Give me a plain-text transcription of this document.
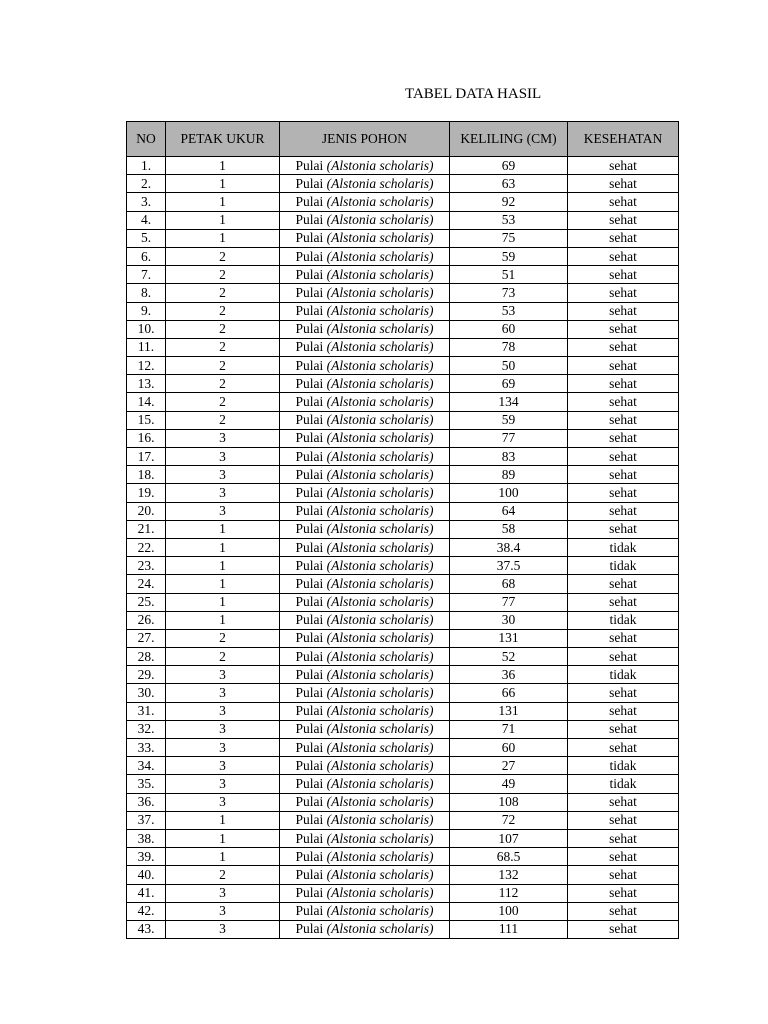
TABEL DATA HASIL
NO	PETAK UKUR	JENIS POHON	KELILING (CM)	KESEHATAN
1.	1	Pulai (Alstonia scholaris)	69	sehat
2.	1	Pulai (Alstonia scholaris)	63	sehat
3.	1	Pulai (Alstonia scholaris)	92	sehat
4.	1	Pulai (Alstonia scholaris)	53	sehat
5.	1	Pulai (Alstonia scholaris)	75	sehat
6.	2	Pulai (Alstonia scholaris)	59	sehat
7.	2	Pulai (Alstonia scholaris)	51	sehat
8.	2	Pulai (Alstonia scholaris)	73	sehat
9.	2	Pulai (Alstonia scholaris)	53	sehat
10.	2	Pulai (Alstonia scholaris)	60	sehat
11.	2	Pulai (Alstonia scholaris)	78	sehat
12.	2	Pulai (Alstonia scholaris)	50	sehat
13.	2	Pulai (Alstonia scholaris)	69	sehat
14.	2	Pulai (Alstonia scholaris)	134	sehat
15.	2	Pulai (Alstonia scholaris)	59	sehat
16.	3	Pulai (Alstonia scholaris)	77	sehat
17.	3	Pulai (Alstonia scholaris)	83	sehat
18.	3	Pulai (Alstonia scholaris)	89	sehat
19.	3	Pulai (Alstonia scholaris)	100	sehat
20.	3	Pulai (Alstonia scholaris)	64	sehat
21.	1	Pulai (Alstonia scholaris)	58	sehat
22.	1	Pulai (Alstonia scholaris)	38.4	tidak
23.	1	Pulai (Alstonia scholaris)	37.5	tidak
24.	1	Pulai (Alstonia scholaris)	68	sehat
25.	1	Pulai (Alstonia scholaris)	77	sehat
26.	1	Pulai (Alstonia scholaris)	30	tidak
27.	2	Pulai (Alstonia scholaris)	131	sehat
28.	2	Pulai (Alstonia scholaris)	52	sehat
29.	3	Pulai (Alstonia scholaris)	36	tidak
30.	3	Pulai (Alstonia scholaris)	66	sehat
31.	3	Pulai (Alstonia scholaris)	131	sehat
32.	3	Pulai (Alstonia scholaris)	71	sehat
33.	3	Pulai (Alstonia scholaris)	60	sehat
34.	3	Pulai (Alstonia scholaris)	27	tidak
35.	3	Pulai (Alstonia scholaris)	49	tidak
36.	3	Pulai (Alstonia scholaris)	108	sehat
37.	1	Pulai (Alstonia scholaris)	72	sehat
38.	1	Pulai (Alstonia scholaris)	107	sehat
39.	1	Pulai (Alstonia scholaris)	68.5	sehat
40.	2	Pulai (Alstonia scholaris)	132	sehat
41.	3	Pulai (Alstonia scholaris)	112	sehat
42.	3	Pulai (Alstonia scholaris)	100	sehat
43.	3	Pulai (Alstonia scholaris)	111	sehat
